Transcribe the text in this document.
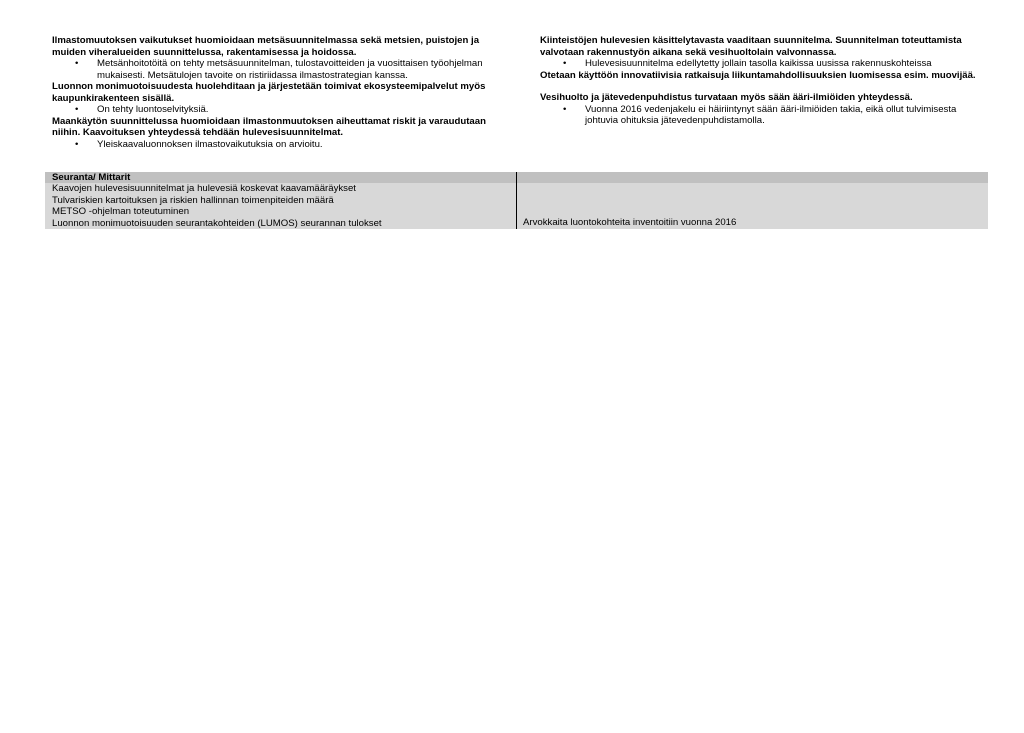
Ilmastomuutoksen vaikutukset huomioidaan metsäsuunnitelmassa sekä metsien, puistojen ja muiden viheralueiden suunnittelussa, rakentamisessa ja hoidossa.

• Metsänhoitotöitä on tehty metsäsuunnitelman, tulostavoitteiden ja vuosittaisen työohjelman mukaisesti. Metsätulojen tavoite on ristiriidassa ilmastostrategian kanssa.

Luonnon monimuotoisuudesta huolehditaan ja järjestetään toimivat ekosysteemipalvelut myös kaupunkirakenteen sisällä.

• On tehty luontoselvityksiä.

Maankäytön suunnittelussa huomioidaan ilmastonmuutoksen aiheuttamat riskit ja varaudutaan niihin. Kaavoituksen yhteydessä tehdään hulevesisuunnitelmat.

• Yleiskaavaluonnoksen ilmastovaikutuksia on arvioitu.

Kiinteistöjen hulevesien käsittelytavasta vaaditaan suunnitelma. Suunnitelman toteuttamista valvotaan rakennustyön aikana sekä vesihuoltolain valvonnassa.

• Hulevesisuunnitelma edellytetty jollain tasolla kaikissa uusissa rakennuskohteissa

Otetaan käyttöön innovatiivisia ratkaisuja liikuntamahdollisuuksien luomisessa esim. muovijää.

Vesihuolto ja jätevedenpuhdistus turvataan myös sään ääri-ilmiöiden yhteydessä.

• Vuonna 2016 vedenjakelu ei häiriintynyt sään ääri-ilmiöiden takia, eikä ollut tulvimisesta johtuvia ohituksia jätevedenpuhdistamolla.
Seuranta/ Mittarit
Kaavojen hulevesisuunnitelmat ja hulevesiä koskevat kaavamääräykset
Tulvariskien kartoituksen ja riskien hallinnan toimenpiteiden määrä
METSO -ohjelman toteutuminen
Luonnon monimuotoisuuden seurantakohteiden (LUMOS) seurannan tulokset	Arvokkaita luontokohteita inventoitiin vuonna 2016
